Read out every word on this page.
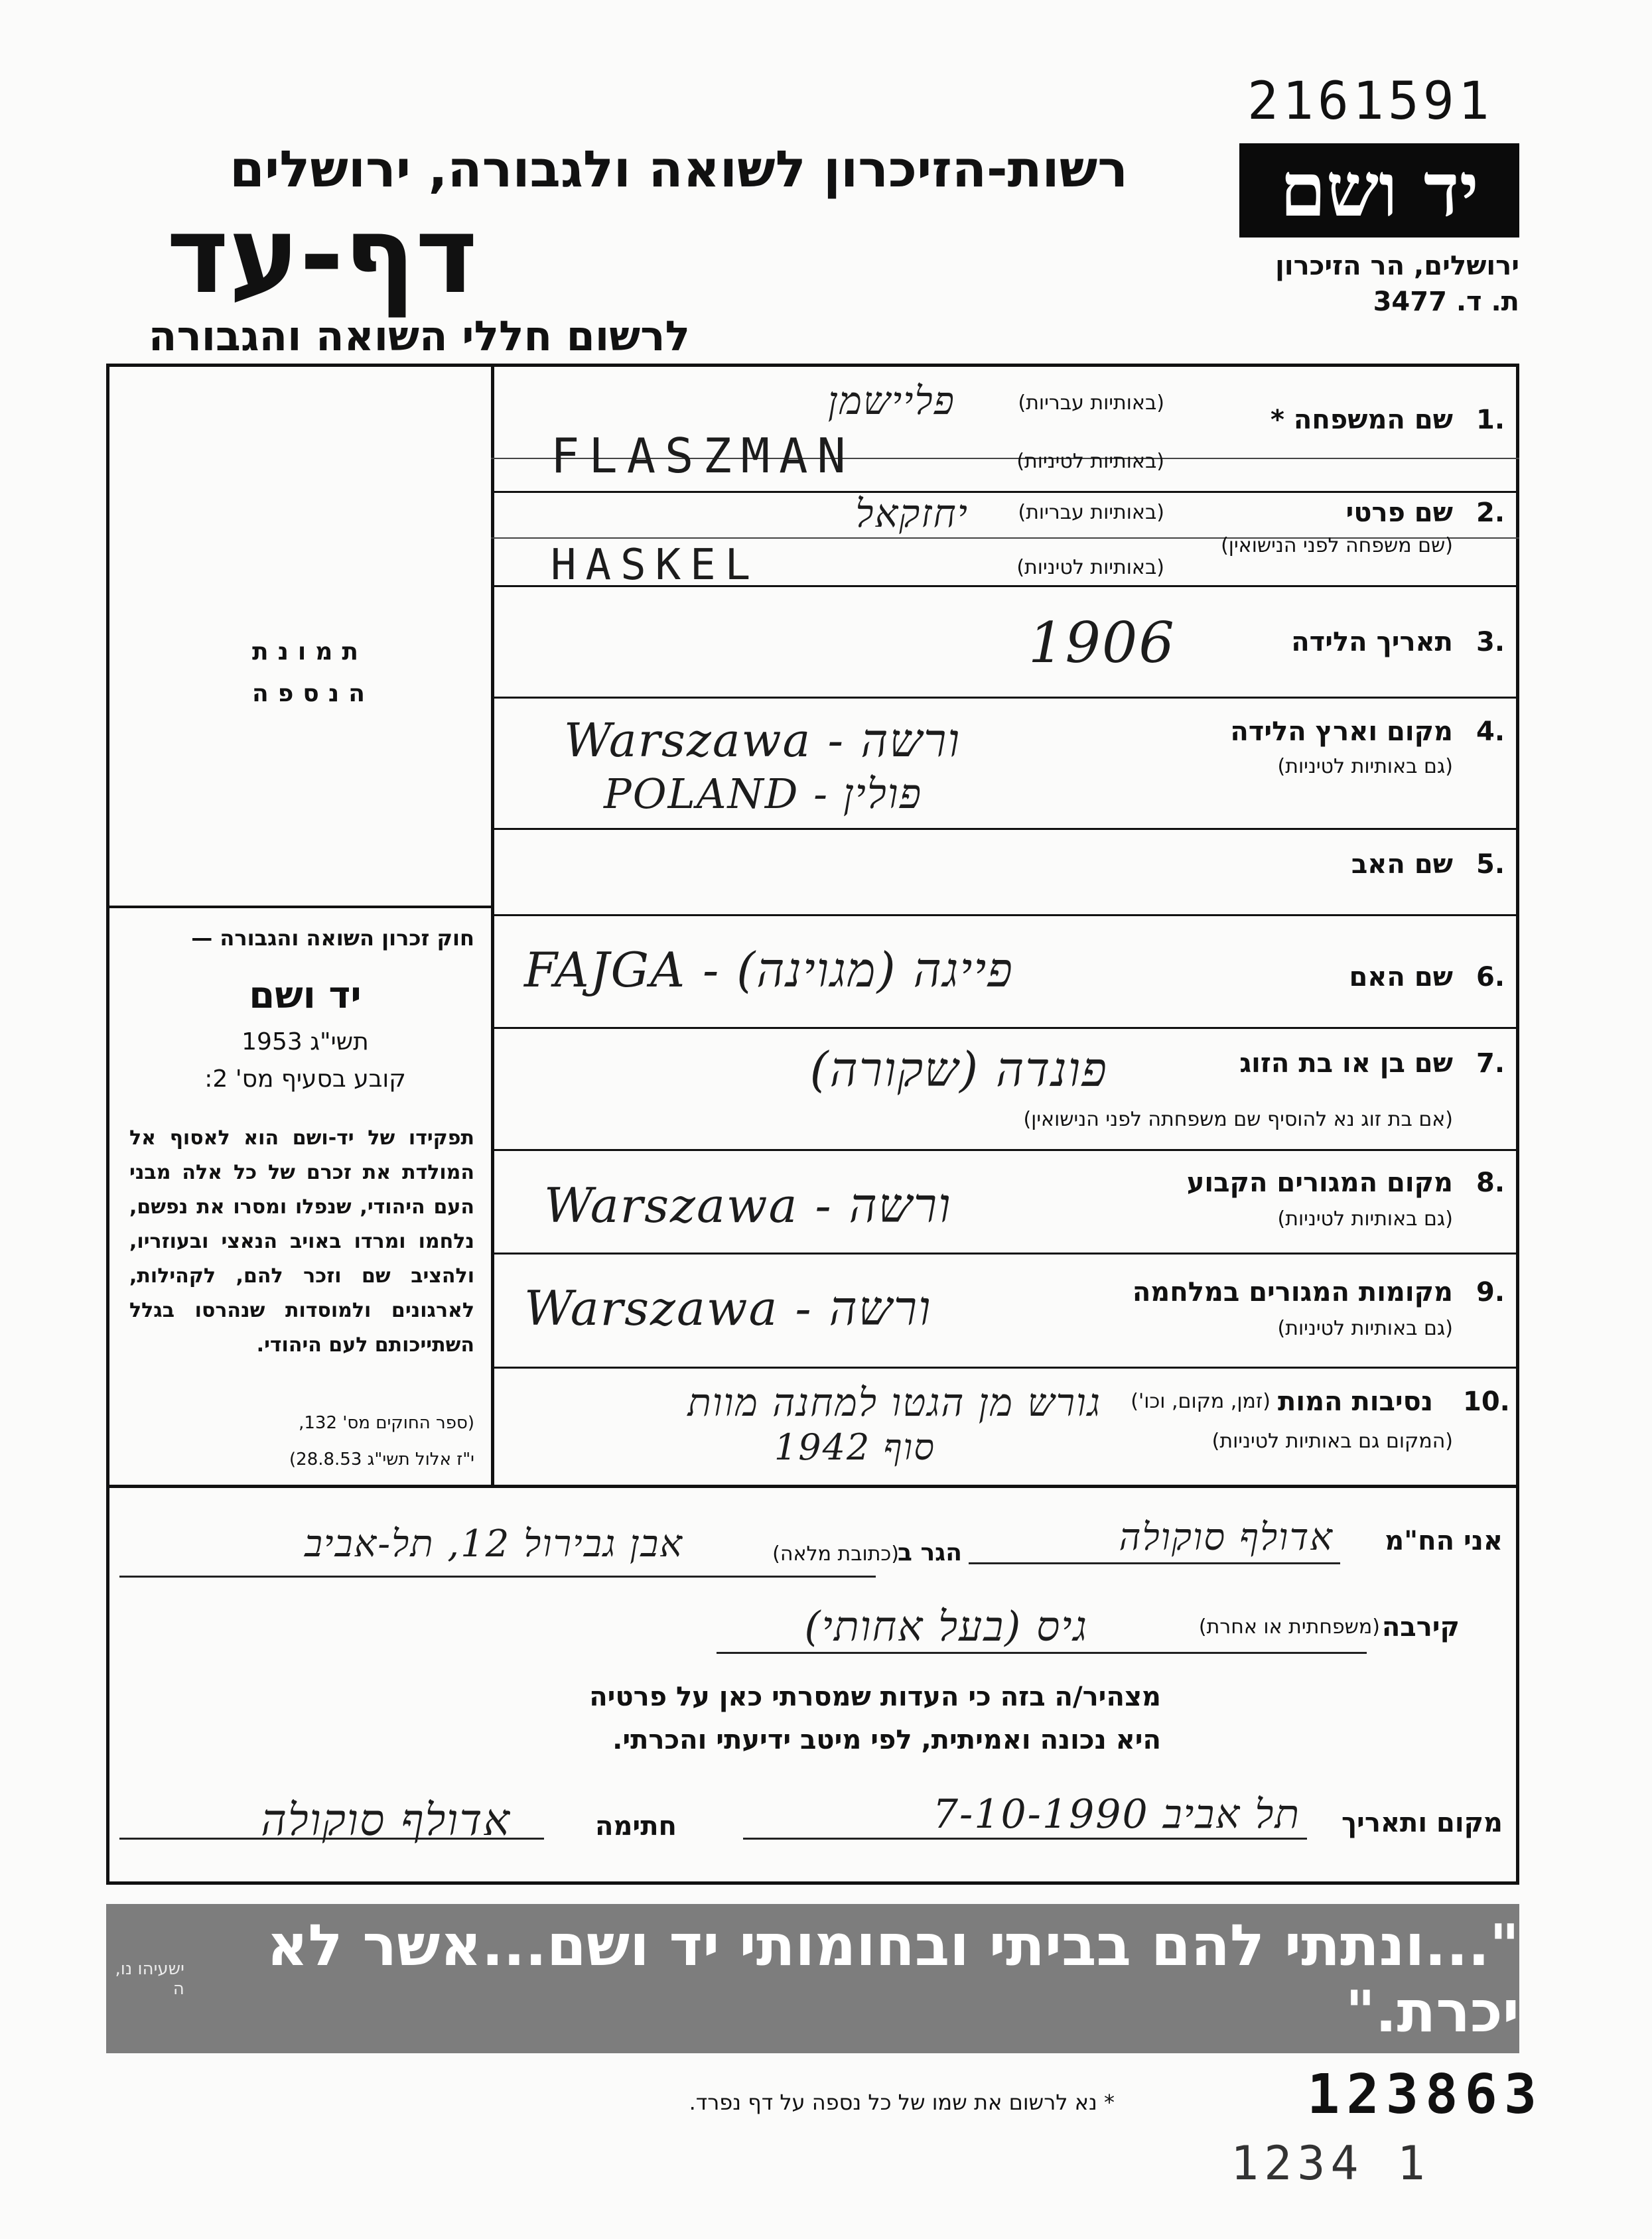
2161591
יד ושם
ירושלים, הר הזיכרון
ת. ד. 3477
רשות-הזיכרון לשואה ולגבורה, ירושלים
דף-עד
לרשום חללי השואה והגבורה
תמונת
הנספה
חוק זכרון השואה והגבורה —
יד ושם
תשי"ג 1953
קובע בסעיף מס' 2:
תפקידו של יד-ושם הוא לאסוף אל המולדת את זכרם של כל אלה מבני העם היהודי, שנפלו ומסרו את נפשם, נלחמו ומרדו באויב הנאצי ובעוזריו, ולהציב שם וזכר להם, לקהילות, לארגונים ולמוסדות שנהרסו בגלל השתייכותם לעם היהודי.
(ספר החוקים מס' 132,
י"ז אלול תשי"ג 28.8.53)
1.
שם המשפחה *
(באותיות עבריות)
(באותיות לטיניות)
פליישמן
FLASZMAN
2.
שם פרטי
(שם משפחה לפני הנישואין)
(באותיות עבריות)
(באותיות לטיניות)
יחזקאל
HASKEL
3.
תאריך הלידה
1906
4.
מקום וארץ הלידה
(גם באותיות לטיניות)
Warszawa - ורשה
POLAND - פולין
5.
שם האב
6.
שם האם
FAJGA - פייגה (מגוינה)
7.
שם בן או בת הזוג
(אם בת זוג נא להוסיף שם משפחתה לפני הנישואין)
פונדה (שקורה)
8.
מקום המגורים הקבוע
(גם באותיות לטיניות)
Warszawa - ורשה
9.
מקומות המגורים במלחמה
(גם באותיות לטיניות)
Warszawa - ורשה
10.
נסיבות המות
(זמן, מקום, וכו')
(המקום גם באותיות לטיניות)
גורש מן הגטו למחנה מוות
סוף 1942
אני הח"מ
אדולף סוקולה
הגר ב
(כתובת מלאה)
אבן גבירול 12, תל-אביב
קירבה
(משפחתית או אחרת)
גיס (בעל אחותי)
מצהיר/ה בזה כי העדות שמסרתי כאן על פרטיה
היא נכונה ואמיתית, לפי מיטב ידיעתי והכרתי.
מקום ותאריך
תל אביב 7-10-1990
חתימה
אדולף סוקולה
"...ונתתי להם בביתי ובחומותי יד ושם...אשר לא יכרת."
ישעיהו נו, ה
* נא לרשום את שמו של כל נספה על דף נפרד.	123863
1234 1
